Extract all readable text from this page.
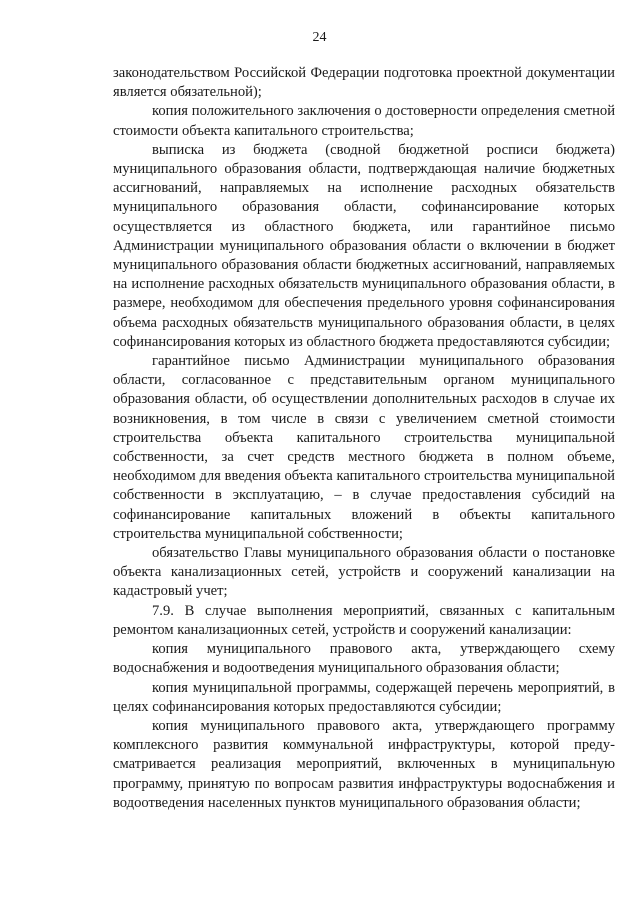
24

законодательством Российской Федерации подготовка проектной документации является обязательной);

копия положительного заключения о достоверности определения сметной стоимости объекта капитального строительства;

выписка из бюджета (сводной бюджетной росписи бюджета) муниципального образования области, подтверждающая наличие бюджетных ассигнований, направляемых на исполнение расходных обязательств муниципального образования области, софинансирование которых осуществляется из областного бюджета, или гарантийное письмо Администрации муниципального образования области о включении в бюджет муниципального образования области бюджетных ассигнований, направляемых на исполнение расходных обязательств муниципального образования области, в размере, необходимом для обеспечения предельного уровня софинансирования объема расходных обязательств муниципального образования области, в целях софинансирования которых из областного бюджета предоставляются субсидии;

гарантийное письмо Администрации муниципального образования области, согласованное с представительным органом муниципального образования области, об осуществлении дополнительных расходов в случае их возникновения, в том числе в связи с увеличением сметной стоимости строительства объекта капитального строительства муниципальной собственности, за счет средств местного бюджета в полном объеме, необходимом для введения объекта капитального строительства муниципальной собственности в эксплуатацию, – в случае предоставления субсидий на софинансирование капитальных вложений в объекты капитального строительства муниципальной собственности;

обязательство Главы муниципального образования области о постановке объекта канализационных сетей, устройств и сооружений канализации на кадастровый учет;

7.9. В случае выполнения мероприятий, связанных с капитальным ремонтом канализационных сетей, устройств и сооружений канализации:

копия муниципального правового акта, утверждающего схему водоснабжения и водоотведения муниципального образования области;

копия муниципальной программы, содержащей перечень мероприятий, в целях софинансирования которых предоставляются субсидии;

копия муниципального правового акта, утверждающего программу комплексного развития коммунальной инфраструктуры, которой преду-сматривается реализация мероприятий, включенных в муниципальную программу, принятую по вопросам развития инфраструктуры водоснабжения и водоотведения населенных пунктов муниципального образования области;
